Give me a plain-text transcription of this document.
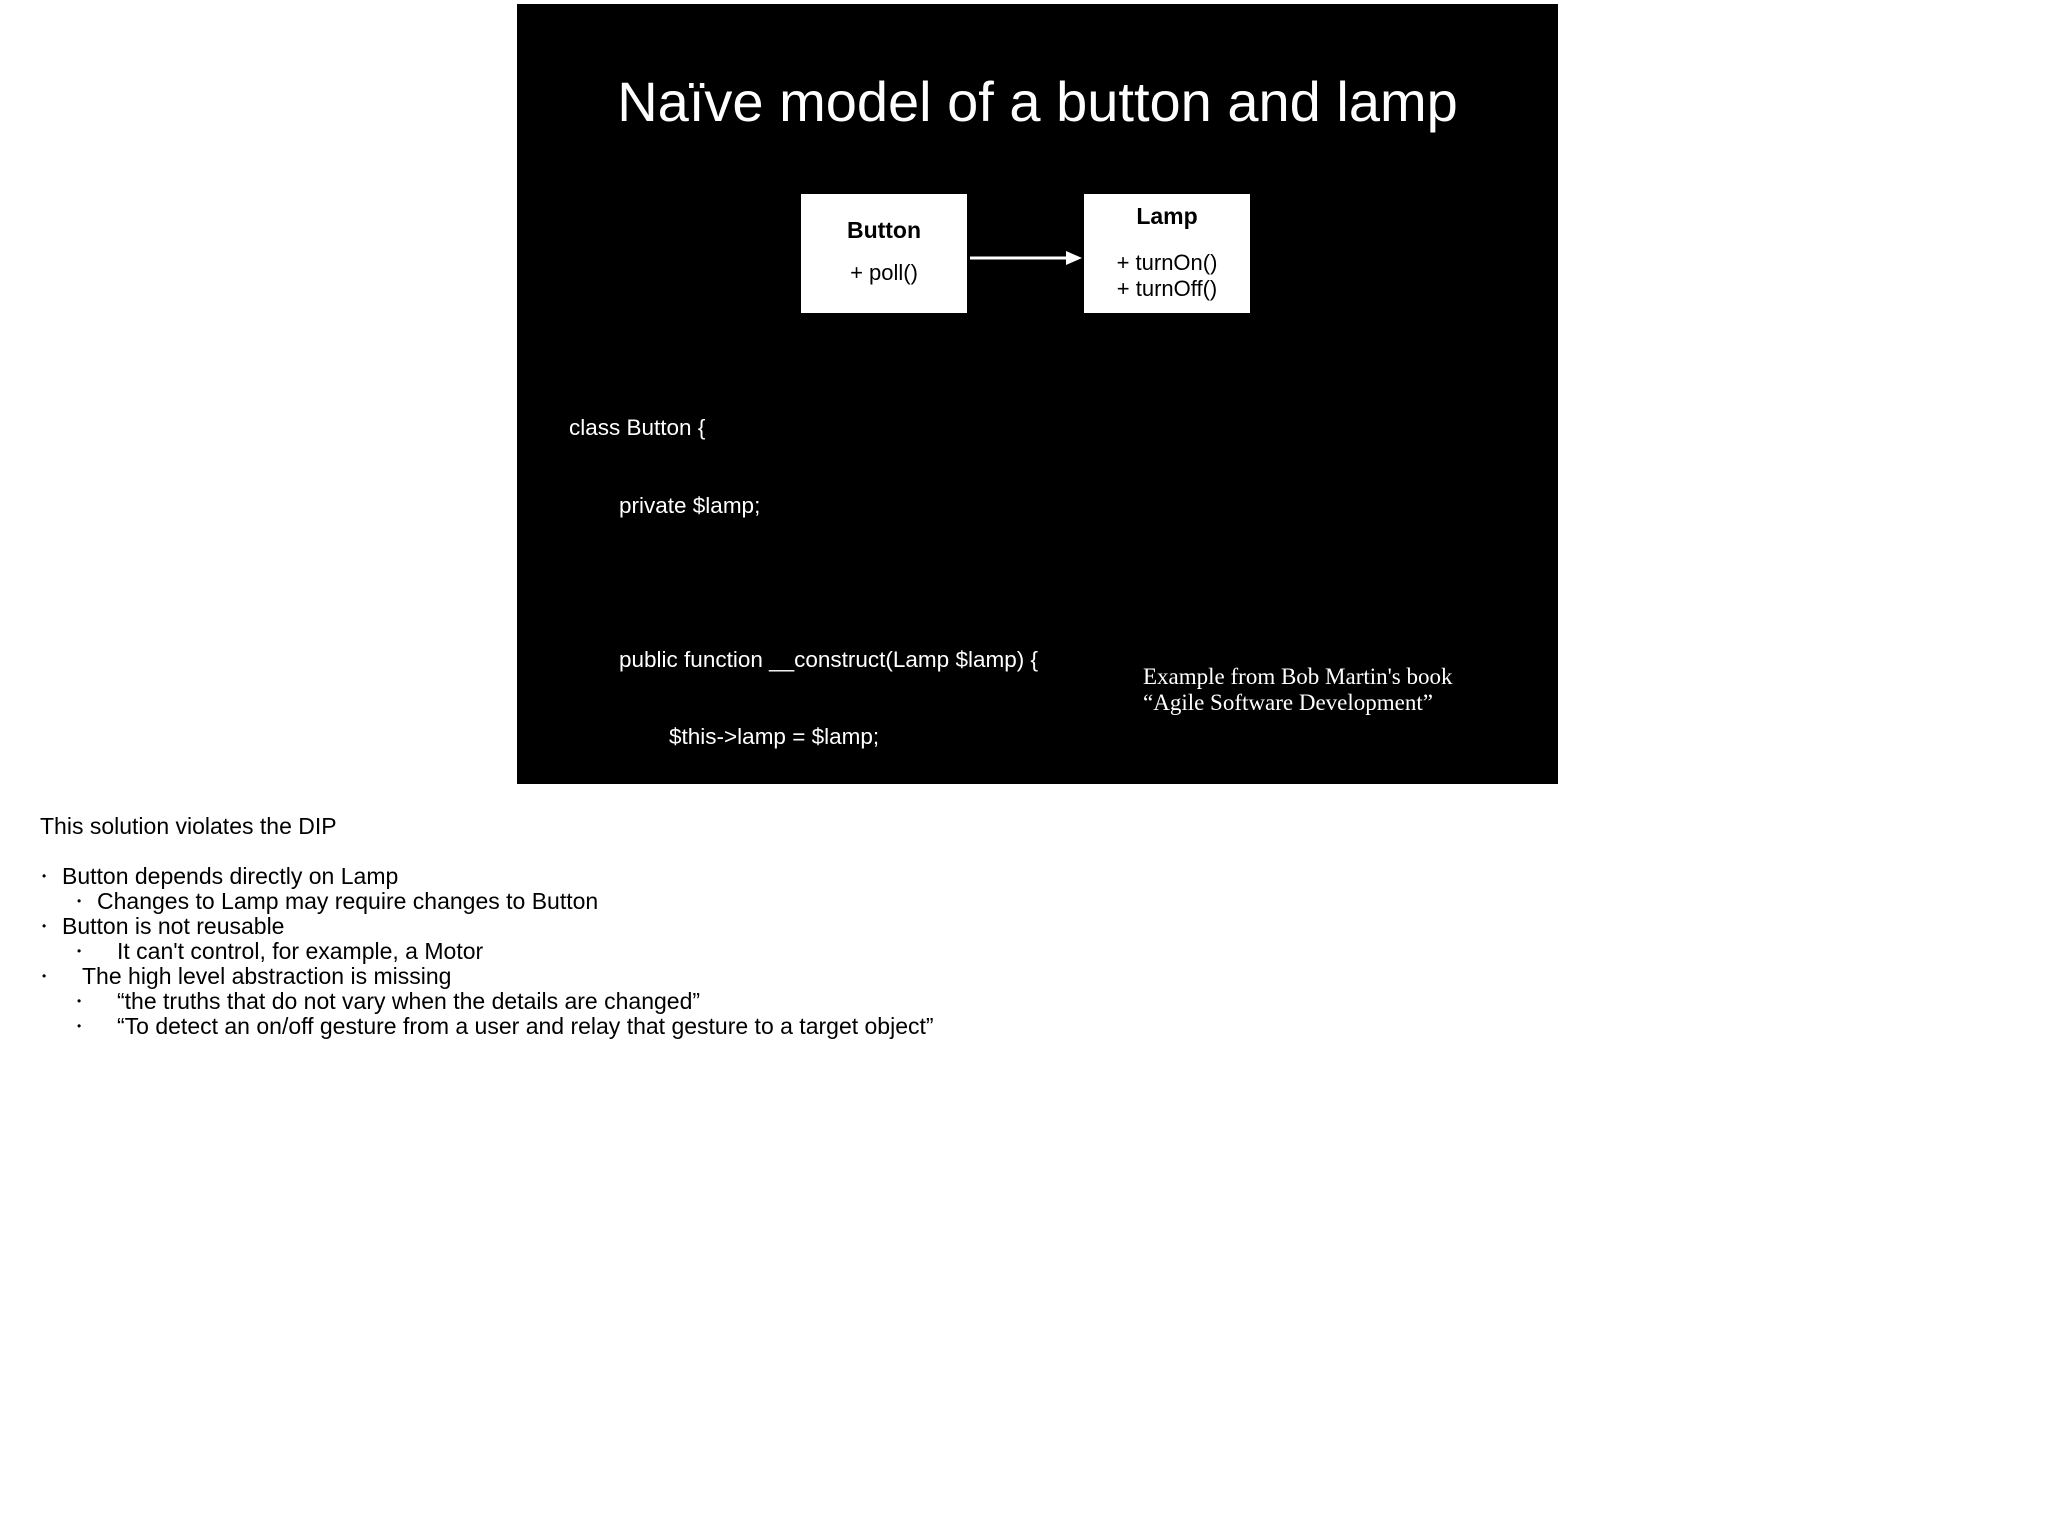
Naïve model of a button and lamp
Button
+ poll()
Lamp
+ turnOn()
+ turnOff()

class Button {

private $lamp;

public function __construct(Lamp $lamp) {

$this->lamp = $lamp;

}

public function poll() {

if (/* some condition */) {

$this->lamp->turnOn();

}

}

}

Example from Bob Martin's book
“Agile Software Development”
This solution violates the DIP
• Button depends directly on Lamp
• Changes to Lamp may require changes to Button
• Button is not reusable
• It can't control, for example, a Motor
• The high level abstraction is missing
• “the truths that do not vary when the details are changed”
• “To detect an on/off gesture from a user and relay that gesture to a target object”
